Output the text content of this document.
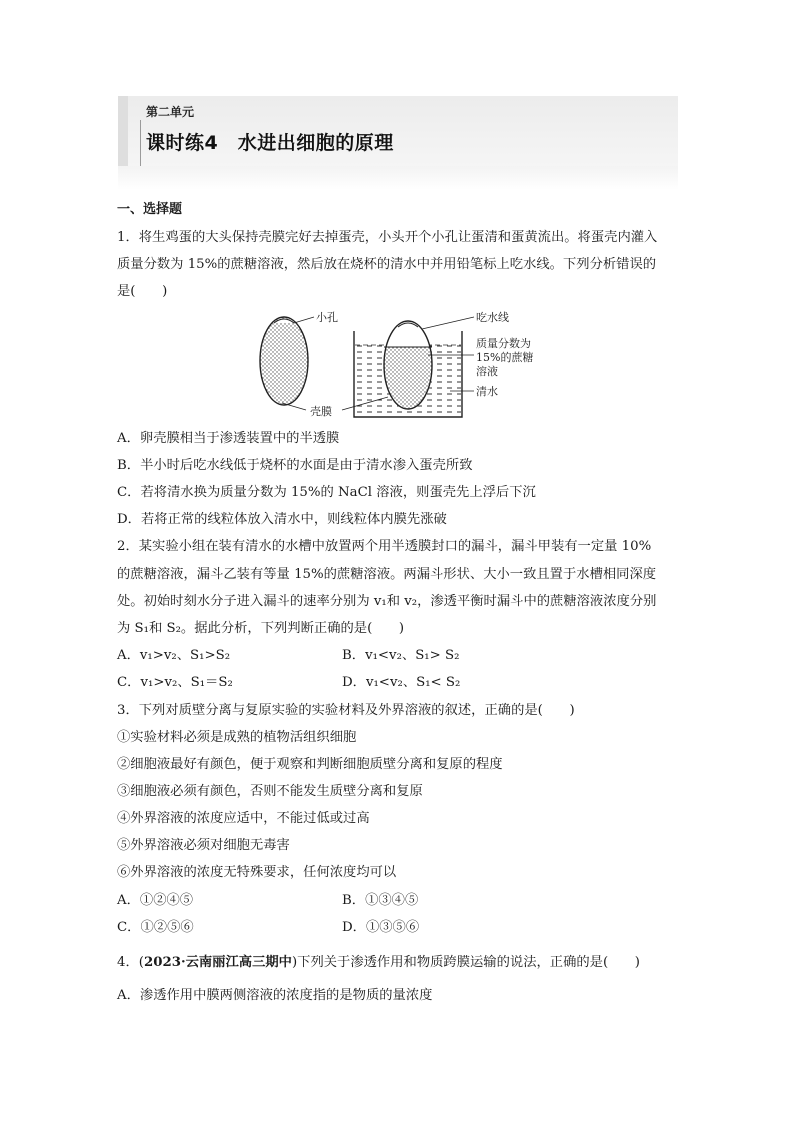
第二单元
课时练4　水进出细胞的原理
一、选择题
1．将生鸡蛋的大头保持壳膜完好去掉蛋壳，小头开个小孔让蛋清和蛋黄流出。将蛋壳内灌入
质量分数为 15%的蔗糖溶液，然后放在烧杯的清水中并用铅笔标上吃水线。下列分析错误的
是(　　)
小孔
壳膜
吃水线
质量分数为
15%的蔗糖
溶液
清水
A．卵壳膜相当于渗透装置中的半透膜
B．半小时后吃水线低于烧杯的水面是由于清水渗入蛋壳所致
C．若将清水换为质量分数为 15%的 NaCl 溶液，则蛋壳先上浮后下沉
D．若将正常的线粒体放入清水中，则线粒体内膜先涨破
2．某实验小组在装有清水的水槽中放置两个用半透膜封口的漏斗，漏斗甲装有一定量 10%
的蔗糖溶液，漏斗乙装有等量 15%的蔗糖溶液。两漏斗形状、大小一致且置于水槽相同深度
处。初始时刻水分子进入漏斗的速率分别为 v₁和 v₂，渗透平衡时漏斗中的蔗糖溶液浓度分别
为 S₁和 S₂。据此分析，下列判断正确的是(　　)
A．v₁>v₂、S₁>S₂	B．v₁<v₂、S₁> S₂
C．v₁>v₂、S₁＝S₂	D．v₁<v₂、S₁< S₂
3．下列对质壁分离与复原实验的实验材料及外界溶液的叙述，正确的是(　　)
①实验材料必须是成熟的植物活组织细胞
②细胞液最好有颜色，便于观察和判断细胞质壁分离和复原的程度
③细胞液必须有颜色，否则不能发生质壁分离和复原
④外界溶液的浓度应适中，不能过低或过高
⑤外界溶液必须对细胞无毒害
⑥外界溶液的浓度无特殊要求，任何浓度均可以
A．①②④⑤	B．①③④⑤
C．①②⑤⑥	D．①③⑤⑥
4．(2023·云南丽江高三期中)下列关于渗透作用和物质跨膜运输的说法，正确的是(　　)
A．渗透作用中膜两侧溶液的浓度指的是物质的量浓度
